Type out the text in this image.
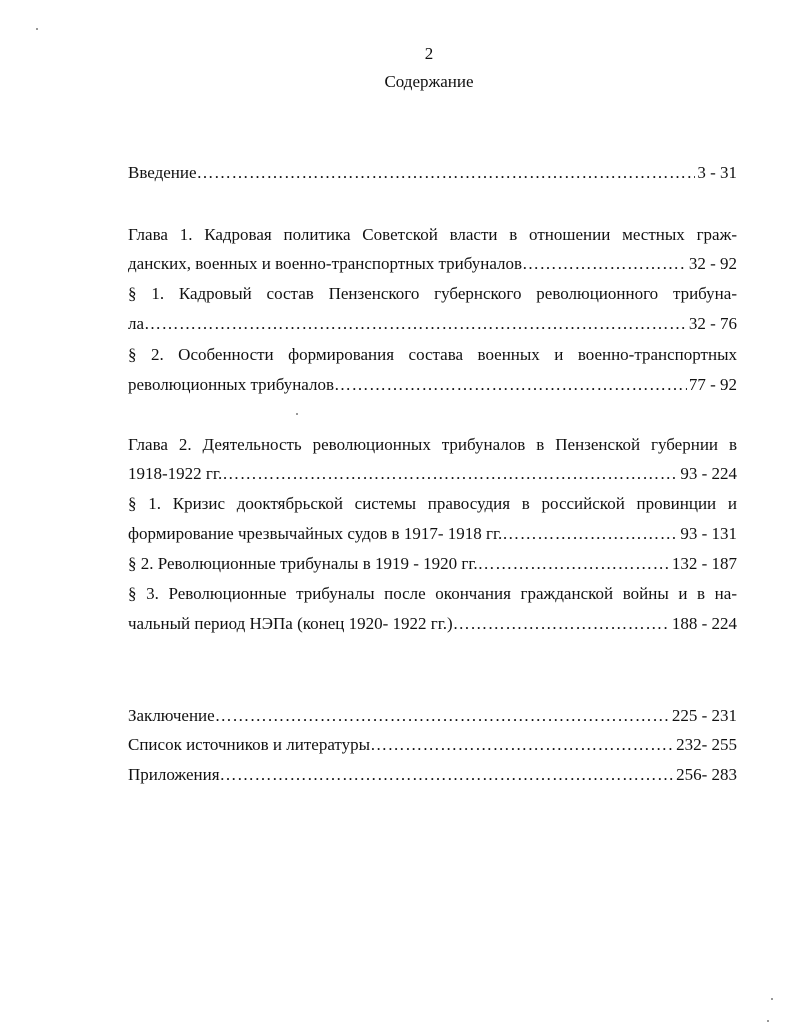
2
Содержание
Введение ……………………………………………………………………………………………………………………………………………………………………………………………	3 - 31
Глава 1. Кадровая политика Советской власти в отношении местных граж-
данских, военных и военно-транспортных трибуналов ……………………………………………………………………………………………………………………………………………………………………………………………	32 - 92
§ 1. Кадровый состав Пензенского губернского революционного трибуна-
ла ……………………………………………………………………………………………………………………………………………………………………………………………	32 - 76
§ 2. Особенности формирования состава военных и военно-транспортных
революционных трибуналов ……………………………………………………………………………………………………………………………………………………………………………………………	77 - 92
Глава 2. Деятельность революционных трибуналов в Пензенской губернии в
1918-1922 гг. ……………………………………………………………………………………………………………………………………………………………………………………………	93 - 224
§ 1. Кризис дооктябрьской системы правосудия в российской провинции и
формирование чрезвычайных судов в 1917- 1918 гг. ……………………………………………………………………………………………………………………………………………………………………………………………	93 - 131
§ 2. Революционные трибуналы в 1919 - 1920 гг. ……………………………………………………………………………………………………………………………………………………………………………………………	132 - 187
§ 3. Революционные трибуналы после окончания гражданской войны и в на-
чальный период НЭПа (конец 1920- 1922 гг.) ……………………………………………………………………………………………………………………………………………………………………………………………	188 - 224
Заключение ……………………………………………………………………………………………………………………………………………………………………………………………	225 - 231
Список источников и литературы ……………………………………………………………………………………………………………………………………………………………………………………………	232- 255
Приложения ……………………………………………………………………………………………………………………………………………………………………………………………	256- 283
